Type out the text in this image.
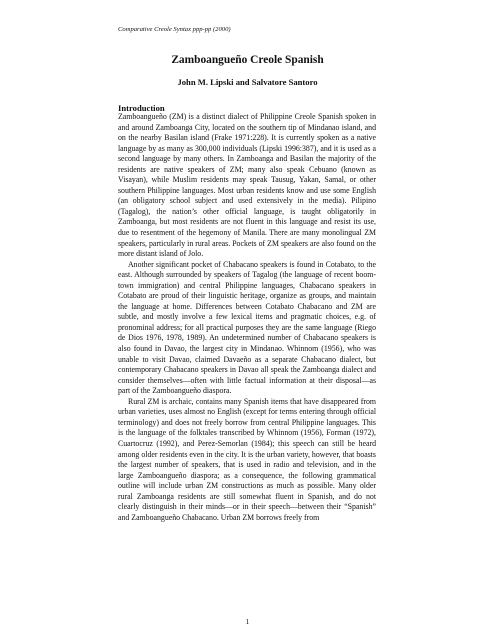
Comparative Creole Syntax ppp-pp (2000)
Zamboangueño Creole Spanish
John M. Lipski and Salvatore Santoro
Introduction

Zamboangueño (ZM) is a distinct dialect of Philippine Creole Spanish spoken in and around Zamboanga City, located on the southern tip of Mindanao island, and on the nearby Basilan island (Frake 1971:228). It is currently spoken as a native language by as many as 300,000 individuals (Lipski 1996:387), and it is used as a second language by many others. In Zamboanga and Basilan the majority of the residents are native speakers of ZM; many also speak Cebuano (known as Visayan), while Muslim residents may speak Tausug, Yakan, Samal, or other southern Philippine languages. Most urban residents know and use some English (an obligatory school subject and used extensively in the media). Pilipino (Tagalog), the nation’s other official language, is taught obligatorily in Zamboanga, but most residents are not fluent in this language and resist its use, due to resentment of the hegemony of Manila. There are many monolingual ZM speakers, particularly in rural areas. Pockets of ZM speakers are also found on the more distant island of Jolo.

Another significant pocket of Chabacano speakers is found in Cotabato, to the east. Although surrounded by speakers of Tagalog (the language of recent boom-town immigration) and central Philippine languages, Chabacano speakers in Cotabato are proud of their linguistic heritage, organize as groups, and maintain the language at home. Differences between Cotabato Chabacano and ZM are subtle, and mostly involve a few lexical items and pragmatic choices, e.g. of pronominal address; for all practical purposes they are the same language (Riego de Dios 1976, 1978, 1989). An undetermined number of Chabacano speakers is also found in Davao, the largest city in Mindanao. Whinnom (1956), who was unable to visit Davao, claimed Davaeño as a separate Chabacano dialect, but contemporary Chabacano speakers in Davao all speak the Zamboanga dialect and consider themselves—often with little factual information at their disposal—as part of the Zamboangueño diaspora.

Rural ZM is archaic, contains many Spanish items that have disappeared from urban varieties, uses almost no English (except for terms entering through official terminology) and does not freely borrow from central Philippine languages. This is the language of the folktales transcribed by Whinnom (1956), Forman (1972), Cuartocruz (1992), and Perez-Semorlan (1984); this speech can still be heard among older residents even in the city. It is the urban variety, however, that boasts the largest number of speakers, that is used in radio and television, and in the large Zamboangueño diaspora; as a consequence, the following grammatical outline will include urban ZM constructions as much as possible. Many older rural Zamboanga residents are still somewhat fluent in Spanish, and do not clearly distinguish in their minds—or in their speech—between their “Spanish” and Zamboangueño Chabacano. Urban ZM borrows freely from

1
